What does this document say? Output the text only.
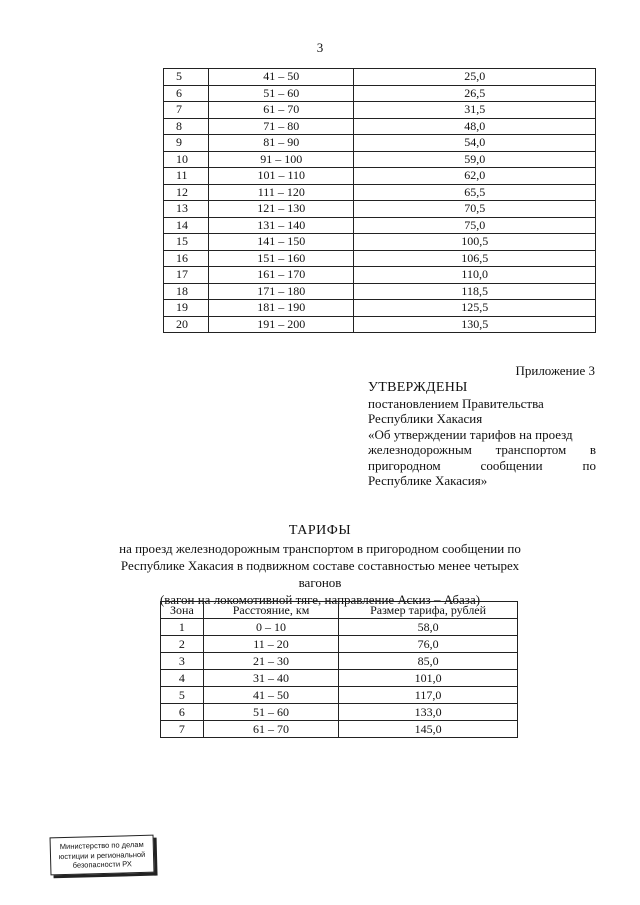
3
5	41 – 50	25,0
6	51 – 60	26,5
7	61 – 70	31,5
8	71 – 80	48,0
9	81 – 90	54,0
10	91 – 100	59,0
11	101 – 110	62,0
12	111 – 120	65,5
13	121 – 130	70,5
14	131 – 140	75,0
15	141 – 150	100,5
16	151 – 160	106,5
17	161 – 170	110,0
18	171 – 180	118,5
19	181 – 190	125,5
20	191 – 200	130,5
Приложение 3
УТВЕРЖДЕНЫ
постановлением Правительства
Республики Хакасия
«Об утверждении тарифов на проезд
железнодорожным транспортом в
пригородном сообщении по
Республике Хакасия»
ТАРИФЫ
на проезд железнодорожным транспортом в пригородном сообщении по
Республике Хакасия в подвижном составе составностью менее четырех вагонов
(вагон на локомотивной тяге, направление Аскиз – Абаза)
Зона	Расстояние, км	Размер тарифа, рублей
1	0 – 10	58,0
2	11 – 20	76,0
3	21 – 30	85,0
4	31 – 40	101,0
5	41 – 50	117,0
6	51 – 60	133,0
7	61 – 70	145,0
Министерство по делам
юстиции и региональной
безопасности РХ
